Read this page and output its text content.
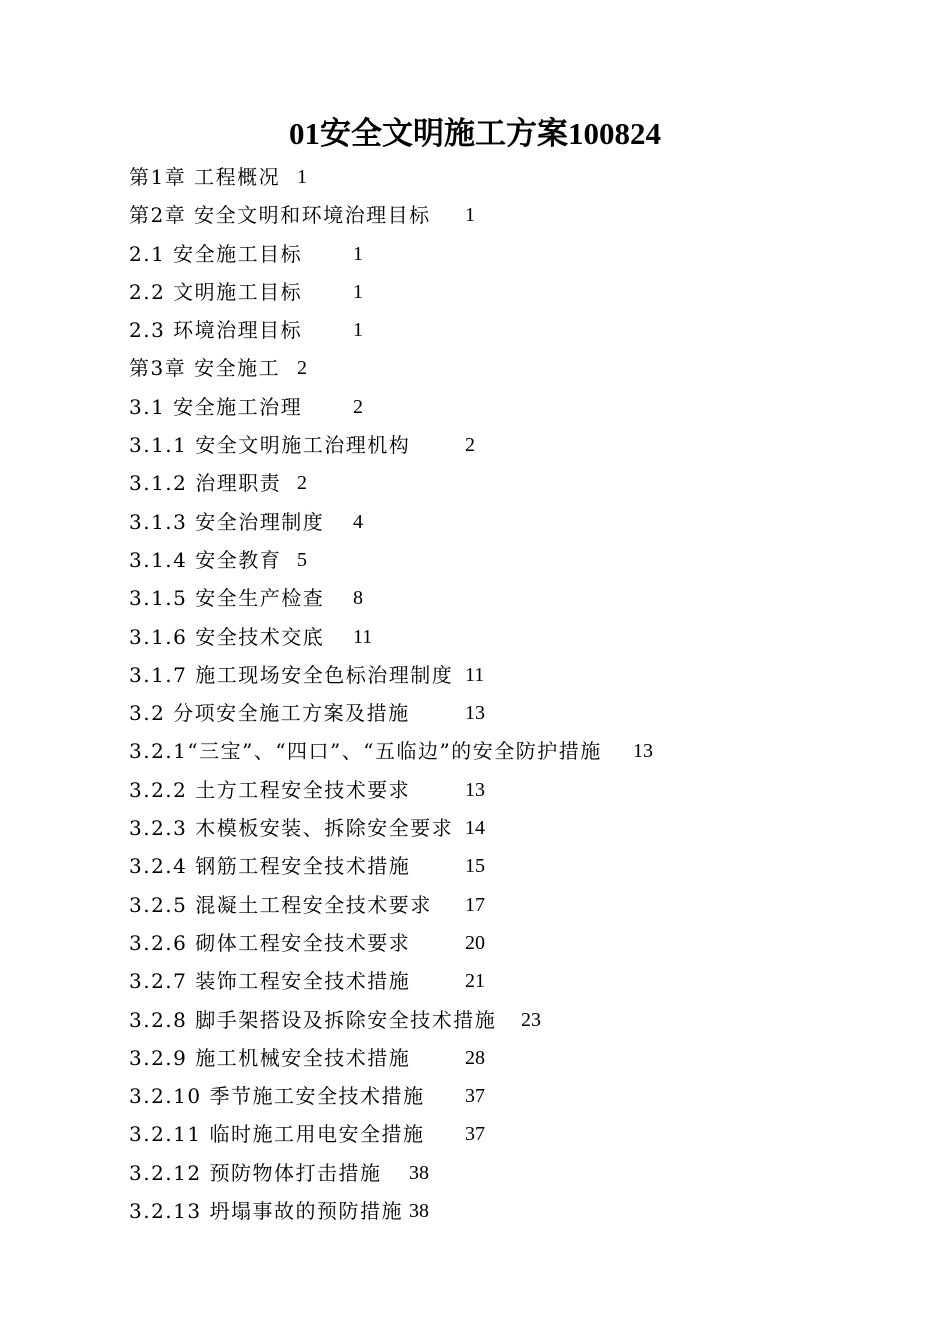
01安全文明施工方案100824
第1章 工程概况 1
第2章 安全文明和环境治理目标 1
2.1 安全施工目标	1
2.2 文明施工目标	1
2.3 环境治理目标	1
第3章 安全施工 2
3.1 安全施工治理	2
3.1.1 安全文明施工治理机构	2
3.1.2 治理职责 2
3.1.3 安全治理制度 4
3.1.4 安全教育 5
3.1.5 安全生产检查 8
3.1.6 安全技术交底 11
3.1.7 施工现场安全色标治理制度 11
3.2 分项安全施工方案及措施	13
3.2.1“三宝”、“四口”、“五临边”的安全防护措施 13
3.2.2 土方工程安全技术要求	13
3.2.3 木模板安装、拆除安全要求 14
3.2.4 钢筋工程安全技术措施	15
3.2.5 混凝土工程安全技术要求 17
3.2.6 砌体工程安全技术要求	20
3.2.7 装饰工程安全技术措施	21
3.2.8 脚手架搭设及拆除安全技术措施 23
3.2.9 施工机械安全技术措施	28
3.2.10 季节施工安全技术措施 37
3.2.11 临时施工用电安全措施 37
3.2.12 预防物体打击措施 38
3.2.13 坍塌事故的预防措施 38
